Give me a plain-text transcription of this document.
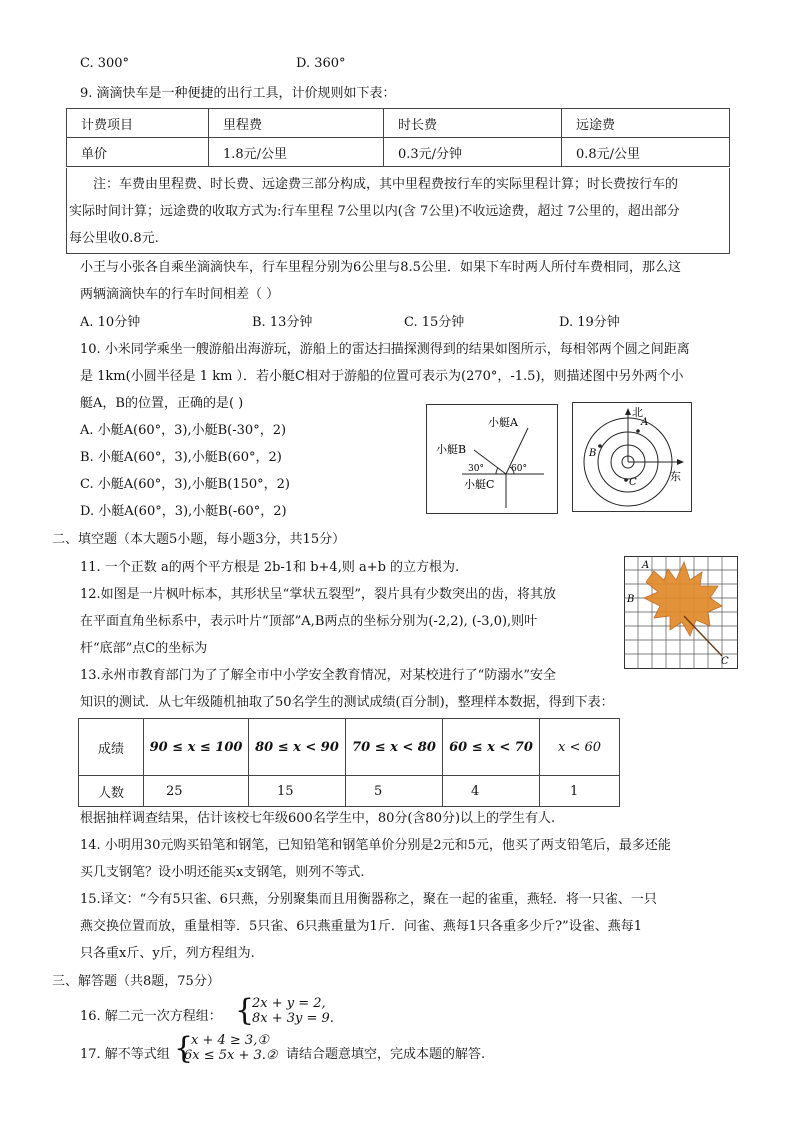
C. 300°	D. 360°
9. 滴滴快车是一种便捷的出行工具，计价规则如下表：
计费项目	里程费	时长费	远途费
单价	1.8元/公里	0.3元/分钟	0.8元/公里
注：车费由里程费、时长费、远途费三部分构成，其中里程费按行车的实际里程计算；时长费按行车的
实际时间计算；远途费的收取方式为:行车里程 7公里以内(含 7公里)不收远途费，超过 7公里的，超出部分
每公里收0.8元.
小王与小张各自乘坐滴滴快车，行车里程分别为6公里与8.5公里．如果下车时两人所付车费相同，那么这
两辆滴滴快车的行车时间相差（ ）
A. 10分钟	B. 13分钟	C. 15分钟	D. 19分钟
10. 小米同学乘坐一艘游船出海游玩，游船上的雷达扫描探测得到的结果如图所示，每相邻两个圆之间距离
是 1km(小圆半径是 1 km ）．若小艇C相对于游船的位置可表示为(270°，-1.5)，则描述图中另外两个小
艇A，B的位置，正确的是( )
A. 小艇A(60°，3),小艇B(-30°，2)
B. 小艇A(60°，3),小艇B(60°，2)
C. 小艇A(60°，3),小艇B(150°，2)
D. 小艇A(60°，3),小艇B(-60°，2)
小艇A
小艇B
小艇C
30°	60°
北
东
A
B
C
二、填空题（本大题5小题，每小题3分，共15分）
11. 一个正数 a的两个平方根是 2b-1和 b+4,则 a+b 的立方根为.
12.如图是一片枫叶标本，其形状呈“掌状五裂型”，裂片具有少数突出的齿，将其放
在平面直角坐标系中，表示叶片“顶部”A,B两点的坐标分别为(-2,2), (-3,0),则叶
杆“底部”点C的坐标为
A
B
C
13.永州市教育部门为了了解全市中小学安全教育情况，对某校进行了“防溺水”安全
知识的测试．从七年级随机抽取了50名学生的测试成绩(百分制)，整理样本数据，得到下表：
成绩	90 ≤ x ≤ 100	80 ≤ x < 90	70 ≤ x < 80	60 ≤ x < 70	x < 60
人数	25	15	5	4	1
根据抽样调查结果，估计该校七年级600名学生中，80分(含80分)以上的学生有人.
14. 小明用30元购买铅笔和钢笔，已知铅笔和钢笔单价分别是2元和5元，他买了两支铅笔后，最多还能
买几支钢笔？设小明还能买x支钢笔，则列不等式.
15.译文：“今有5只雀、6只燕，分别聚集而且用衡器称之，聚在一起的雀重，燕轻．将一只雀、一只
燕交换位置而放，重量相等．5只雀、6只燕重量为1斤．问雀、燕每1只各重多少斤?”设雀、燕每1
只各重x斤、y斤，列方程组为.
三、解答题（共8题，75分）
16. 解二元一次方程组： {
2x + y = 2,
8x + 3y = 9.
17. 解不等式组 {
x + 4 ≥ 3,①
6x ≤ 5x + 3.② 请结合题意填空，完成本题的解答.
